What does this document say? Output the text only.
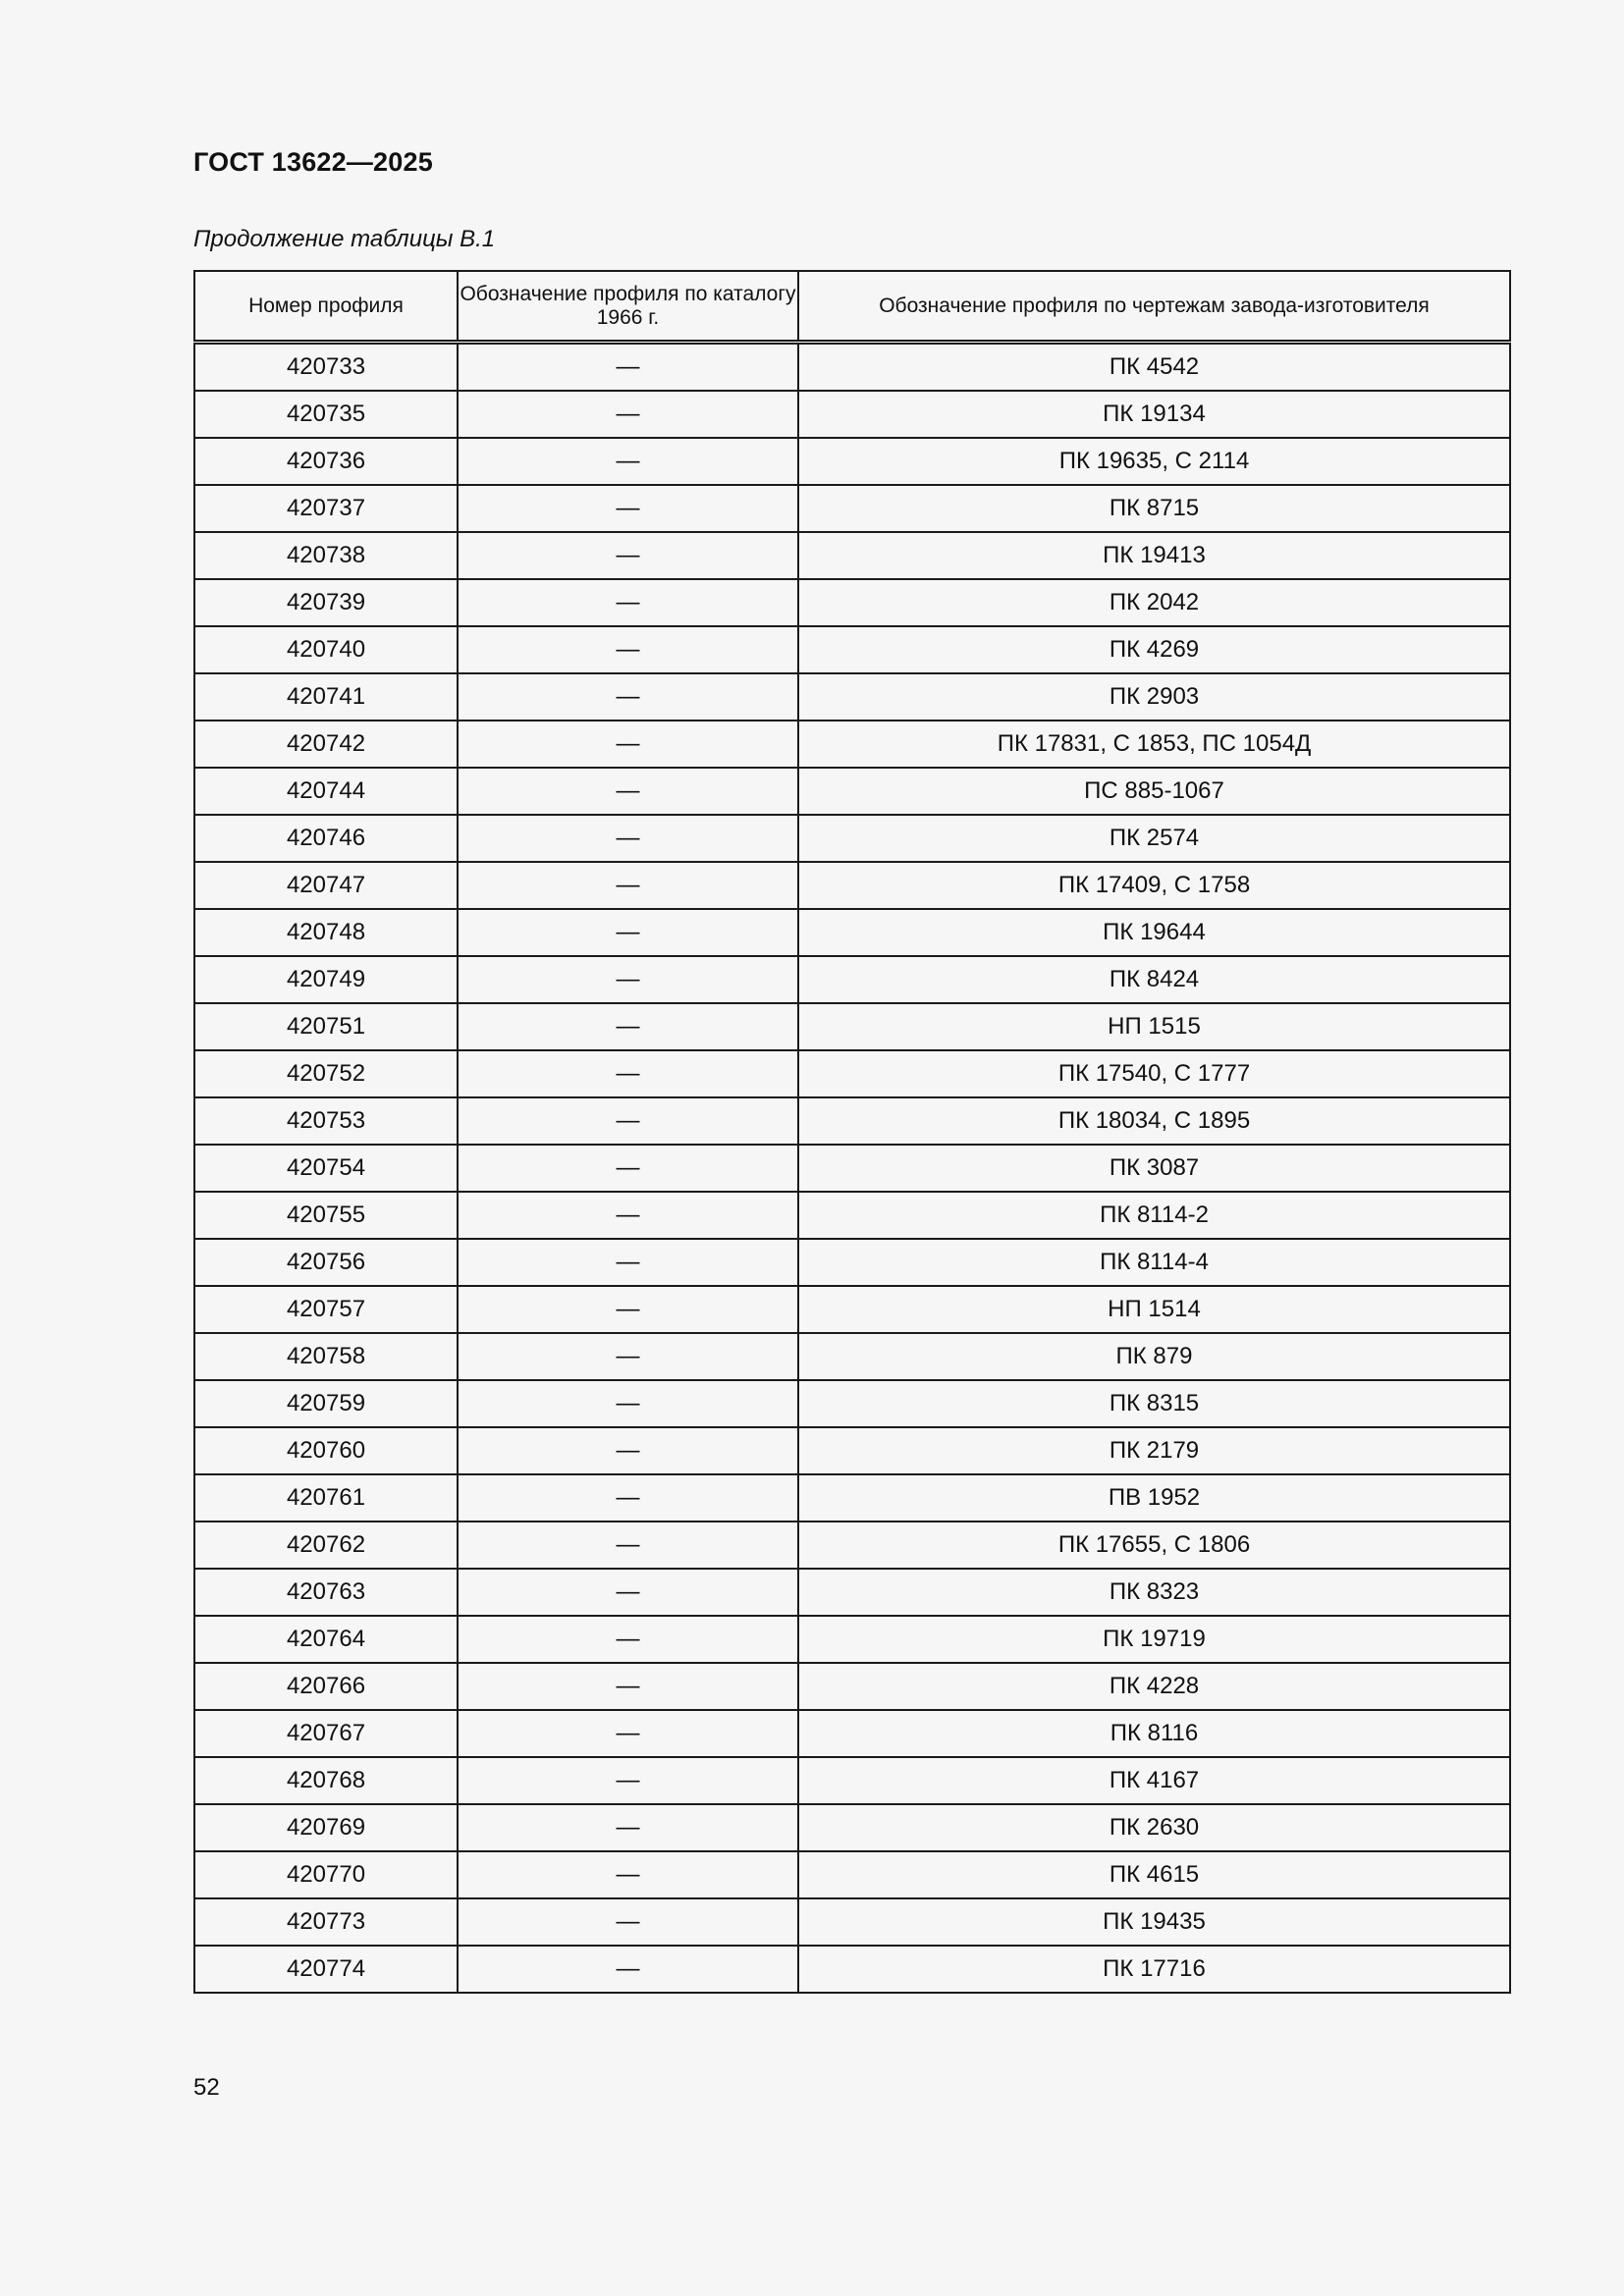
ГОСТ 13622—2025
Продолжение таблицы В.1
Номер профиля	Обозначение профиля по каталогу 1966 г.	Обозначение профиля по чертежам завода-изготовителя
420733	—	ПК 4542
420735	—	ПК 19134
420736	—	ПК 19635, С 2114
420737	—	ПК 8715
420738	—	ПК 19413
420739	—	ПК 2042
420740	—	ПК 4269
420741	—	ПК 2903
420742	—	ПК 17831, С 1853, ПС 1054Д
420744	—	ПС 885-1067
420746	—	ПК 2574
420747	—	ПК 17409, С 1758
420748	—	ПК 19644
420749	—	ПК 8424
420751	—	НП 1515
420752	—	ПК 17540, С 1777
420753	—	ПК 18034, С 1895
420754	—	ПК 3087
420755	—	ПК 8114-2
420756	—	ПК 8114-4
420757	—	НП 1514
420758	—	ПК 879
420759	—	ПК 8315
420760	—	ПК 2179
420761	—	ПВ 1952
420762	—	ПК 17655, С 1806
420763	—	ПК 8323
420764	—	ПК 19719
420766	—	ПК 4228
420767	—	ПК 8116
420768	—	ПК 4167
420769	—	ПК 2630
420770	—	ПК 4615
420773	—	ПК 19435
420774	—	ПК 17716
52
